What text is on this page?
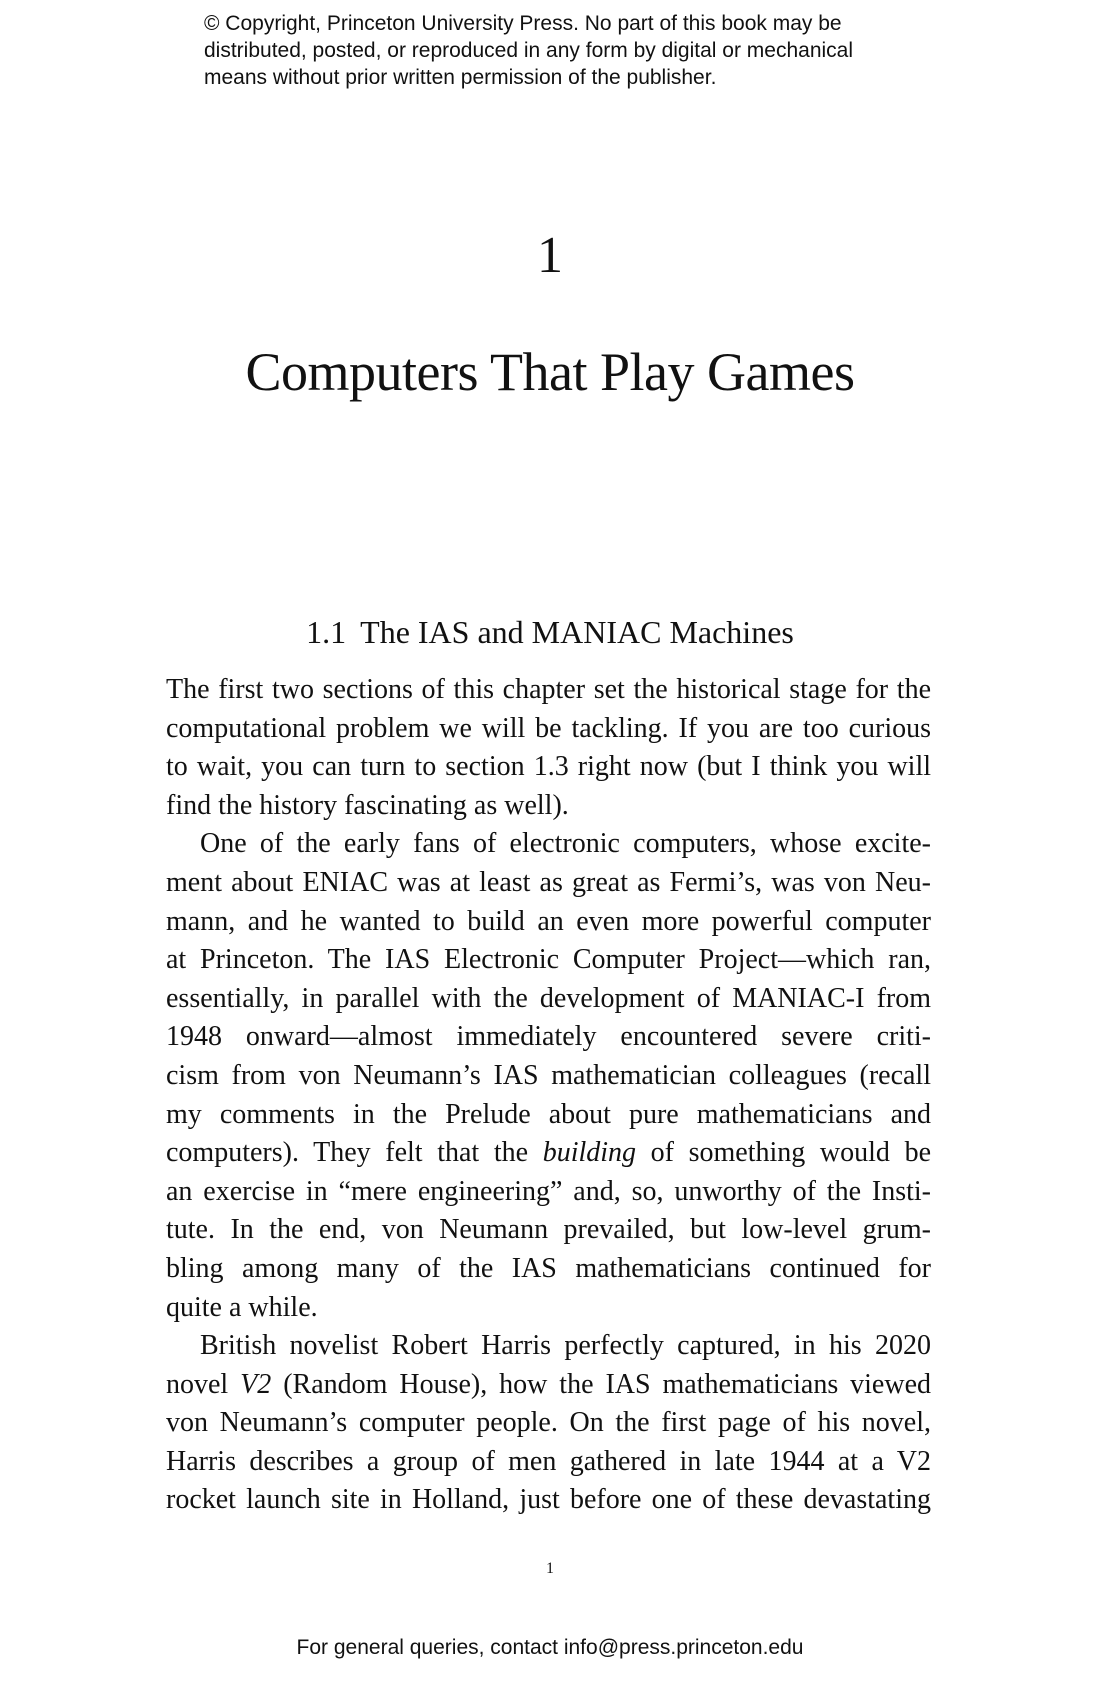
© Copyright, Princeton University Press. No part of this book may be
distributed, posted, or reproduced in any form by digital or mechanical
means without prior written permission of the publisher.
1
Computers That Play Games
1.1 The IAS and MANIAC Machines
The first two sections of this chapter set the historical stage for the
computational problem we will be tackling. If you are too curious
to wait, you can turn to section 1.3 right now (but I think you will
find the history fascinating as well).
One of the early fans of electronic computers, whose excite-
ment about ENIAC was at least as great as Fermi’s, was von Neu-
mann, and he wanted to build an even more powerful computer
at Princeton. The IAS Electronic Computer Project—which ran,
essentially, in parallel with the development of MANIAC-I from
1948 onward—almost immediately encountered severe criti-
cism from von Neumann’s IAS mathematician colleagues (recall
my comments in the Prelude about pure mathematicians and
computers). They felt that the building of something would be
an exercise in “mere engineering” and, so, unworthy of the Insti-
tute. In the end, von Neumann prevailed, but low-level grum-
bling among many of the IAS mathematicians continued for
quite a while.
British novelist Robert Harris perfectly captured, in his 2020
novel V2 (Random House), how the IAS mathematicians viewed
von Neumann’s computer people. On the first page of his novel,
Harris describes a group of men gathered in late 1944 at a V2
rocket launch site in Holland, just before one of these devastating
1
For general queries, contact info@press.princeton.edu
